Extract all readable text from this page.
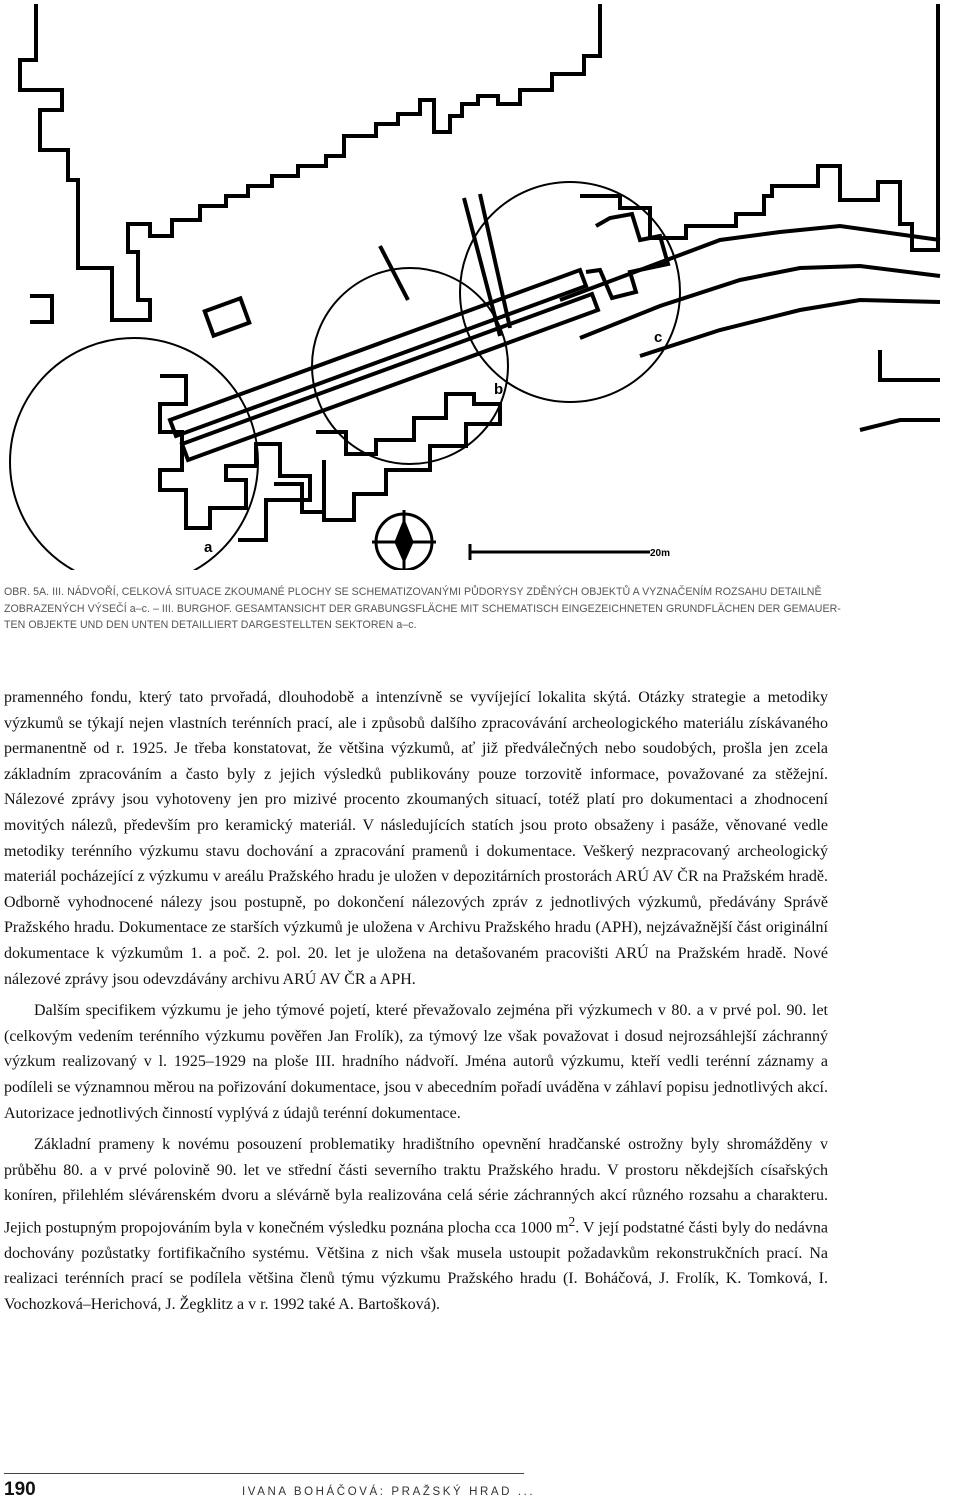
a
b
c
20m
OBR. 5A. III. NÁDVOŘÍ, CELKOVÁ SITUACE ZKOUMANÉ PLOCHY SE SCHEMATIZOVANÝMI PŮDORYSY ZDĚNÝCH OBJEKTŮ A VYZNAČENÍM ROZSAHU DETAILNĚ
ZOBRAZENÝCH VÝSEČÍ a–c. – III. BURGHOF. GESAMTANSICHT DER GRABUNGSFLÄCHE MIT SCHEMATISCH EINGEZEICHNETEN GRUNDFLÄCHEN DER GEMAUER-
TEN OBJEKTE UND DEN UNTEN DETAILLIERT DARGESTELLTEN SEKTOREN a–c.

pramenného fondu, který tato prvořadá, dlouhodobě a intenzívně se vyvíjející lokalita skýtá. Otázky strategie a metodiky výzkumů se týkají nejen vlastních terénních prací, ale i způsobů dalšího zpracovávání archeologického materiálu získávaného permanentně od r. 1925. Je třeba konstatovat, že většina výzkumů, ať již předválečných nebo soudobých, prošla jen zcela základním zpracováním a často byly z jejich výsledků publikovány pouze torzovitě informace, považované za stěžejní. Nálezové zprávy jsou vyhotoveny jen pro mizivé procento zkoumaných situací, totéž platí pro dokumentaci a zhodnocení movitých nálezů, především pro keramický materiál. V následujících statích jsou proto obsaženy i pasáže, věnované vedle metodiky terénního výzkumu stavu dochování a zpracování pramenů i dokumentace. Veškerý nezpracovaný archeologický materiál pocházející z výzkumu v areálu Pražského hradu je uložen v depozitárních prostorách ARÚ AV ČR na Pražském hradě. Odborně vyhodnocené nálezy jsou postupně, po dokončení nálezových zpráv z jednotlivých výzkumů, předávány Správě Pražského hradu. Dokumentace ze starších výzkumů je uložena v Archivu Pražského hradu (APH), nejzávažnější část originální dokumentace k výzkumům 1. a poč. 2. pol. 20. let je uložena na detašovaném pracovišti ARÚ na Pražském hradě. Nové nálezové zprávy jsou odevzdávány archivu ARÚ AV ČR a APH.

Dalším specifikem výzkumu je jeho týmové pojetí, které převažovalo zejména při výzkumech v 80. a v prvé pol. 90. let (celkovým vedením terénního výzkumu pověřen Jan Frolík), za týmový lze však považovat i dosud nejrozsáhlejší záchranný výzkum realizovaný v l. 1925–1929 na ploše III. hradního nádvoří. Jména autorů výzkumu, kteří vedli terénní záznamy a podíleli se významnou měrou na pořizování dokumentace, jsou v abecedním pořadí uváděna v záhlaví popisu jednotlivých akcí. Autorizace jednotlivých činností vyplývá z údajů terénní dokumentace.

Základní prameny k novému posouzení problematiky hradištního opevnění hradčanské ostrožny byly shromážděny v průběhu 80. a v prvé polovině 90. let ve střední části severního traktu Pražského hradu. V prostoru někdejších císařských koníren, přilehlém slévárenském dvoru a slévárně byla realizována celá série záchranných akcí různého rozsahu a charakteru. Jejich postupným propojováním byla v konečném výsledku poznána plocha cca 1000 $m^2$. V její podstatné části byly do nedávna dochovány pozůstatky fortifikačního systému. Většina z nich však musela ustoupit požadavkům rekonstrukčních prací. Na realizaci terénních prací se podílela většina členů týmu výzkumu Pražského hradu (I. Boháčová, J. Frolík, K. Tomková, I. Vochozková–Herichová, J. Žegklitz a v r. 1992 také A. Bartošková).

190	IVANA BOHÁČOVÁ: PRAŽSKÝ HRAD ...
